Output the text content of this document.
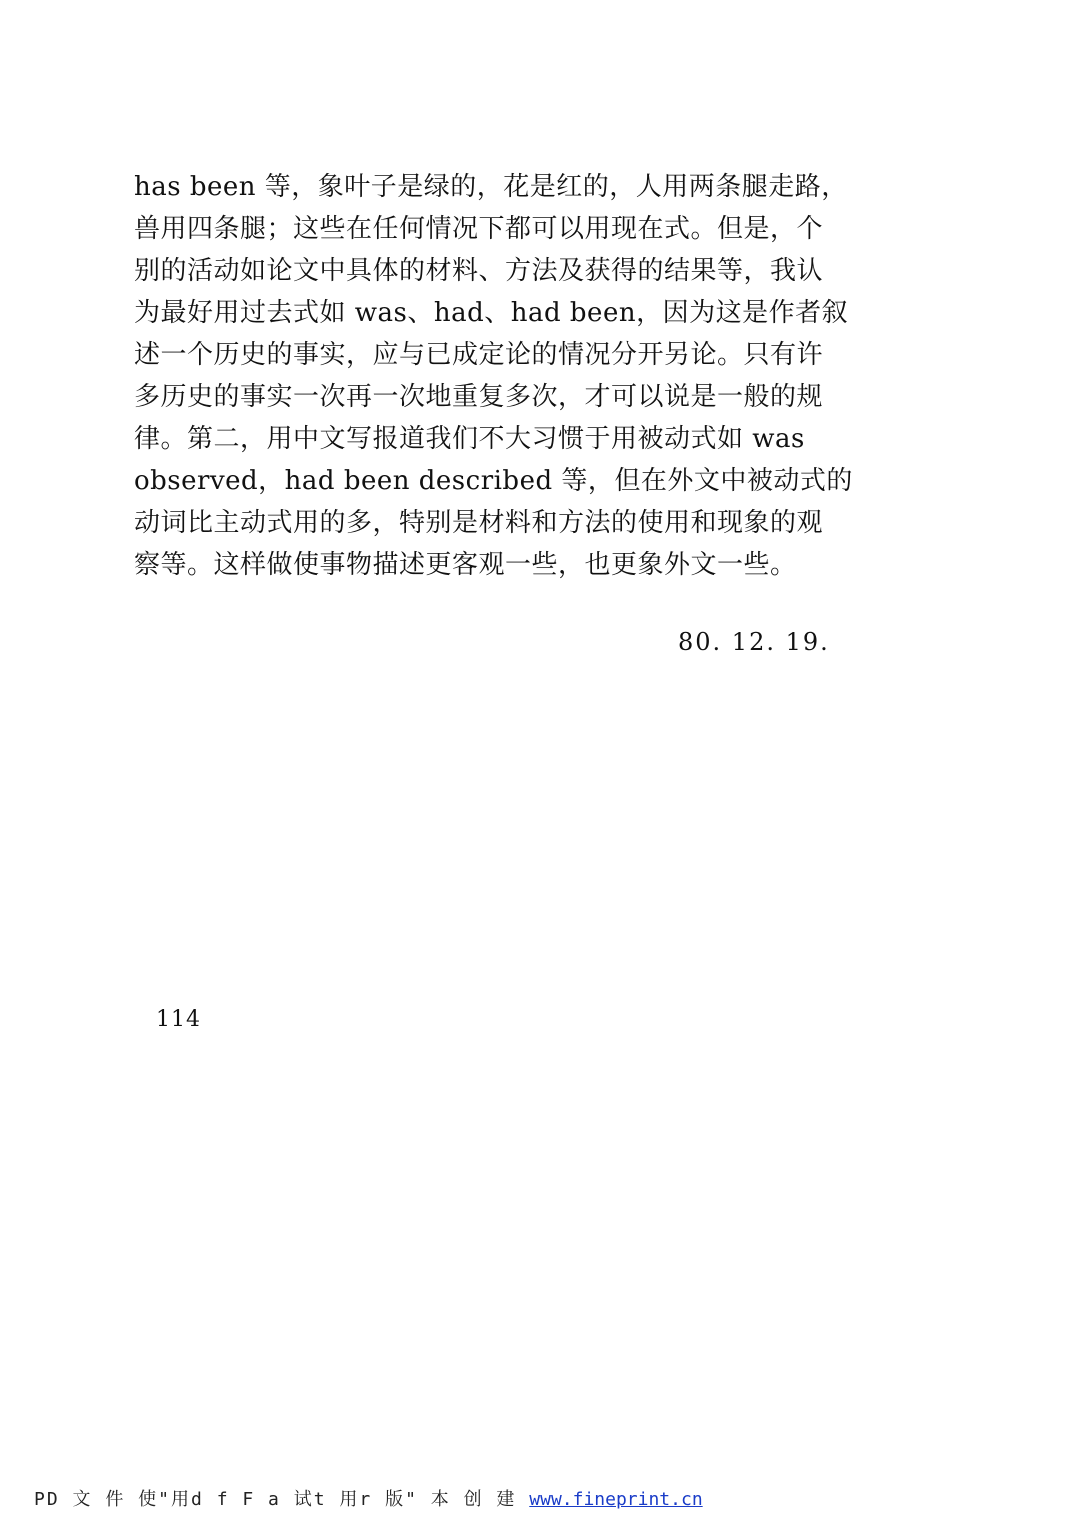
has been 等，象叶子是绿的，花是红的，人用两条腿走路，
兽用四条腿；这些在任何情况下都可以用现在式。但是，个
别的活动如论文中具体的材料、方法及获得的结果等，我认
为最好用过去式如 was、had、had been，因为这是作者叙
述一个历史的事实，应与已成定论的情况分开另论。只有许
多历史的事实一次再一次地重复多次，才可以说是一般的规
律。第二，用中文写报道我们不大习惯于用被动式如 was
observed，had been described 等，但在外文中被动式的
动词比主动式用的多，特别是材料和方法的使用和现象的观
察等。这样做使事物描述更客观一些，也更象外文一些。
80. 12. 19.
114
PD 文 件 使"用d f F a 试t 用r 版" 本 创 建 www.fineprint.cn
